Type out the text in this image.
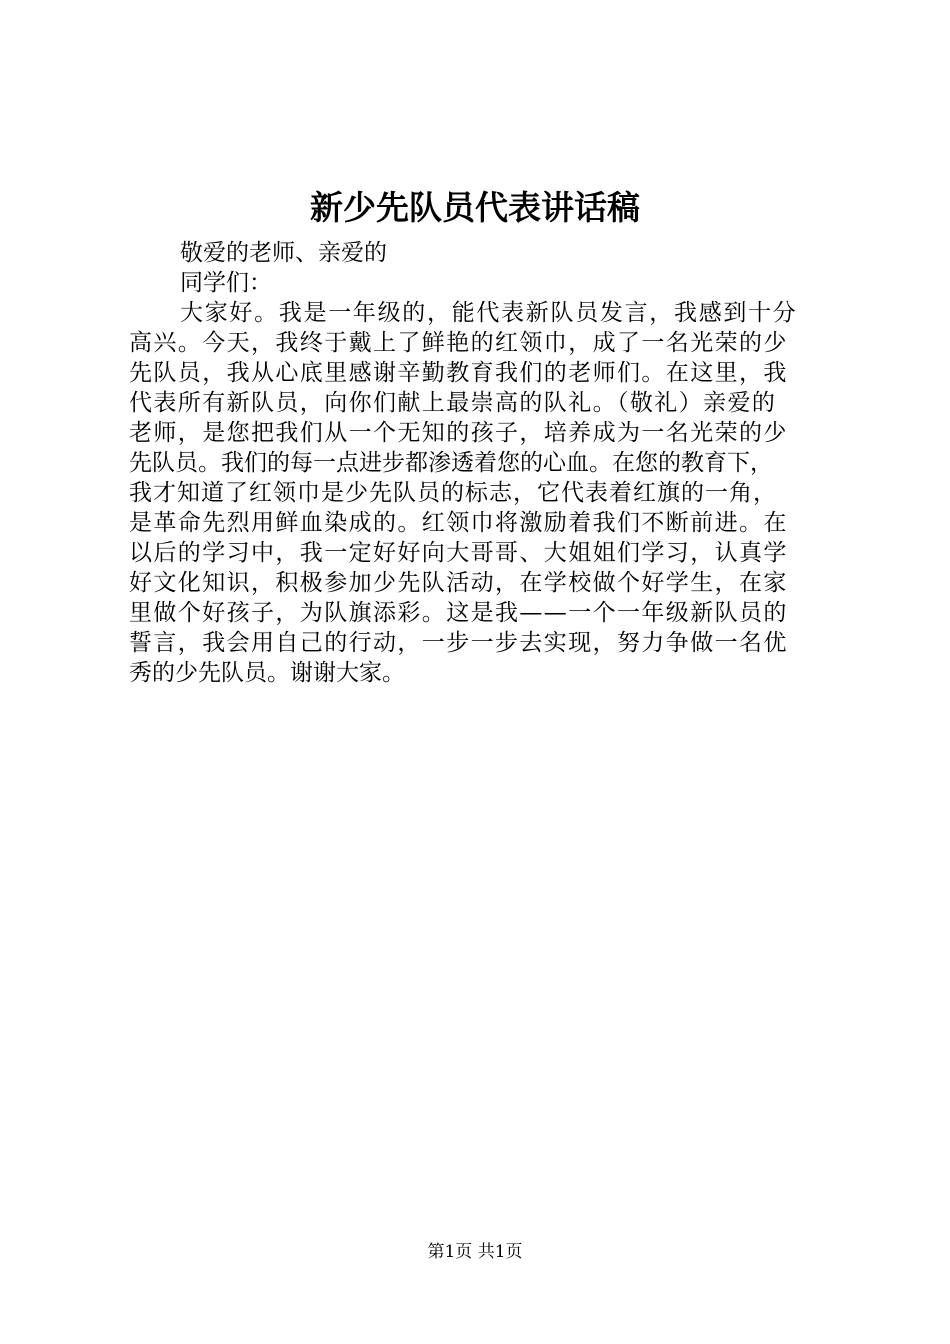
新少先队员代表讲话稿
敬爱的老师、亲爱的
同学们：
大家好。我是一年级的，能代表新队员发言，我感到十分
高兴。今天，我终于戴上了鲜艳的红领巾，成了一名光荣的少
先队员，我从心底里感谢辛勤教育我们的老师们。在这里，我
代表所有新队员，向你们献上最崇高的队礼。（敬礼）亲爱的
老师，是您把我们从一个无知的孩子，培养成为一名光荣的少
先队员。我们的每一点进步都渗透着您的心血。在您的教育下，
我才知道了红领巾是少先队员的标志，它代表着红旗的一角，
是革命先烈用鲜血染成的。红领巾将激励着我们不断前进。在
以后的学习中，我一定好好向大哥哥、大姐姐们学习，认真学
好文化知识，积极参加少先队活动，在学校做个好学生，在家
里做个好孩子，为队旗添彩。这是我——一个一年级新队员的
誓言，我会用自己的行动，一步一步去实现，努力争做一名优
秀的少先队员。谢谢大家。
第1页 共1页
